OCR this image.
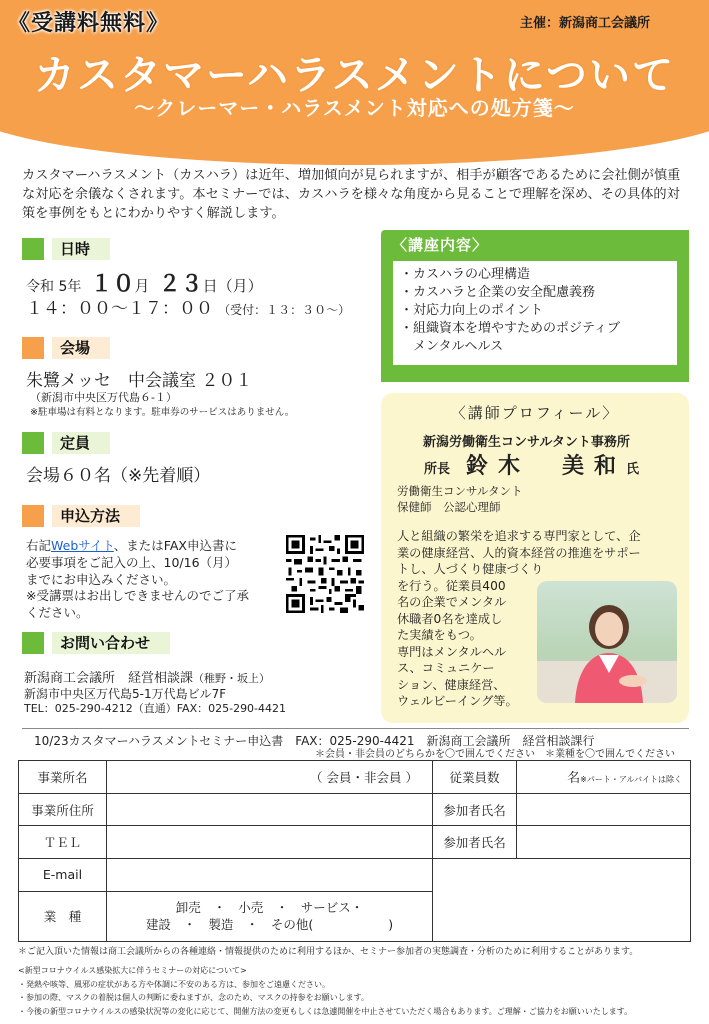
《受講料無料》	主催：新潟商工会議所
カスタマーハラスメントについて
〜クレーマー・ハラスメント対応への処方箋〜

カスタマーハラスメント（カスハラ）は近年、増加傾向が見られますが、相手が顧客であるために会社側が慎重な対応を余儀なくされます。本セミナーでは、カスハラを様々な角度から見ることで理解を深め、その具体的対策を事例をもとにわかりやすく解説します。

日時
令和 5年 １０月 ２３日（月）
１４：００〜１７：００ （受付：１３：３０〜）
会場
朱鷺メッセ　中会議室 ２０１
（新潟市中央区万代島６-１）
※駐車場は有料となります。駐車券のサービスはありません。
定員
会場６０名（※先着順）
申込方法
右記Webサイト、またはFAX申込書に
必要事項をご記入の上、10/16（月）
までにお申込みください。
※受講票はお出しできませんのでご了承
ください。
お問い合わせ
新潟商工会議所　経営相談課（稚野・坂上）
新潟市中央区万代島5-1万代島ビル7F
TEL：025-290-4212（直通）FAX：025-290-4421
〈講座内容〉
・カスハラの心理構造
・カスハラと企業の安全配慮義務
・対応力向上のポイント
・組織資本を増やすためのポジティブ
　メンタルヘルス
〈講師プロフィール〉
新潟労働衛生コンサルタント事務所
所長 鈴木　美和 氏
労働衛生コンサルタント
保健師　公認心理師
人と組織の繁栄を追求する専門家として、企
業の健康経営、人的資本経営の推進をサポー
トし、人づくり健康づくり
を行う。従業員400
名の企業でメンタル
休職者0名を達成し
た実績をもつ。
専門はメンタルヘル
ス、コミュニケー
ション、健康経営、
ウェルビーイング等。
10/23カスタマーハラスメントセミナー申込書　FAX：025-290-4421　新潟商工会議所　経営相談課行
＊会員・非会員のどちらかを〇で囲んでください　＊業種を〇で囲んでください
事業所名	（ 会員・非会員 ）	従業員数	名※パート・アルバイトは除く
事業所住所		参加者氏名	
ＴＥＬ		参加者氏名	
E-mail			
業　種	卸売　・　小売　・　サービス・
建設　・　製造　・　その他(　　　　　　)		
＊ご記入頂いた情報は商工会議所からの各種連絡・情報提供のために利用するほか、セミナー参加者の実態調査・分析のために利用することがあります。
<新型コロナウイルス感染拡大に伴うセミナーの対応について>
・発熱や咳等、風邪の症状がある方や体調に不安のある方は、参加をご遠慮ください。
・参加の際、マスクの着脱は個人の判断に委ねますが、念のため、マスクの持参をお願いします。
・今後の新型コロナウイルスの感染状況等の変化に応じて、開催方法の変更もしくは急遽開催を中止させていただく場合もあります。ご理解・ご協力をお願いいたします。
